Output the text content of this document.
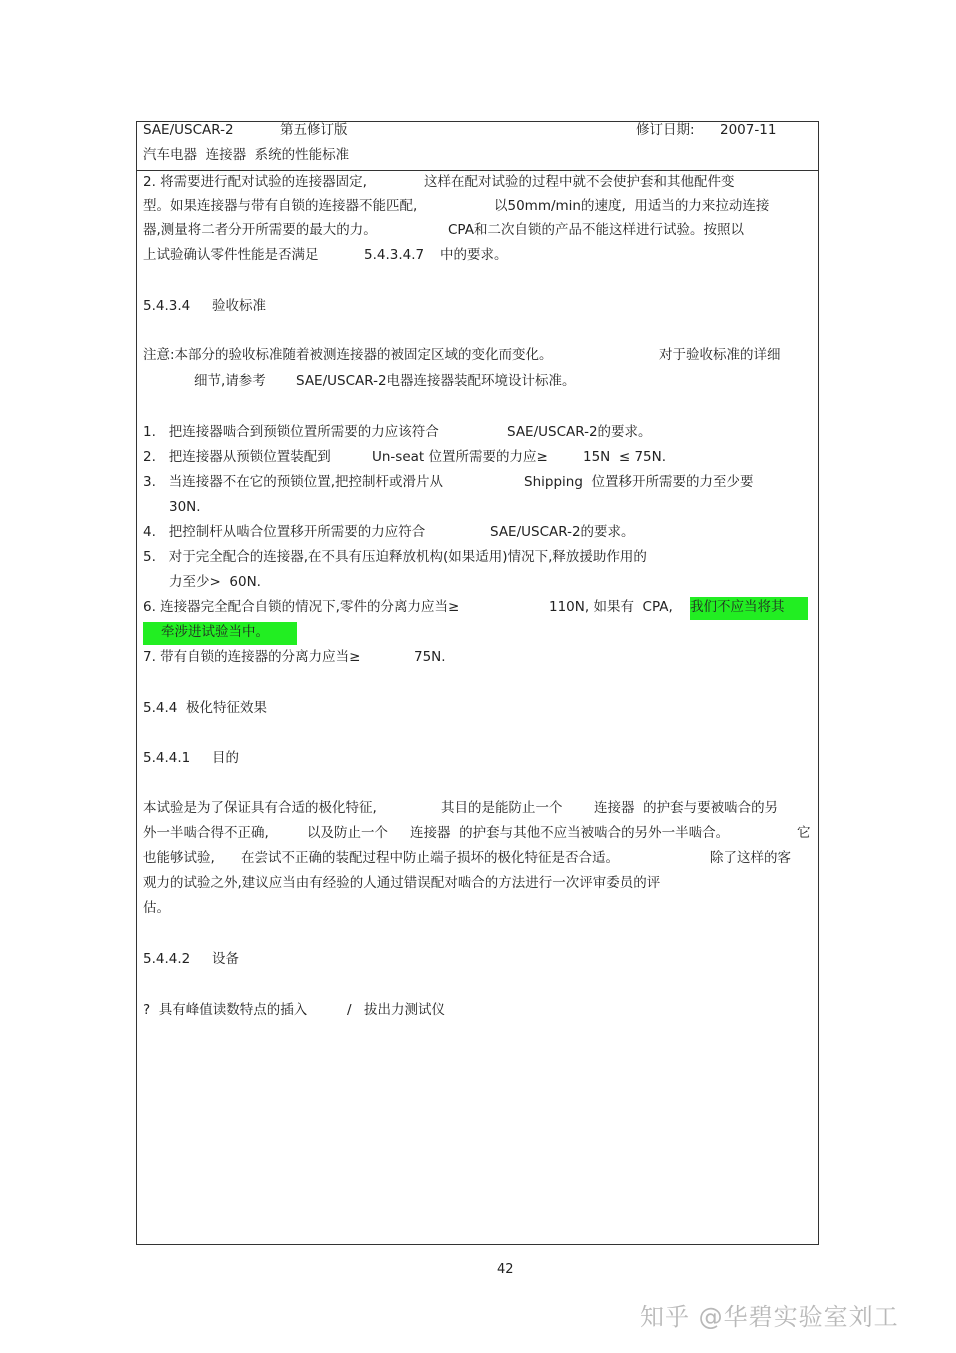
SAE/USCAR-2	第五修订版	修订日期: 2007-11
汽车电器  连接器  系统的性能标准
2. 将需要进行配对试验的连接器固定,	这样在配对试验的过程中就不会使护套和其他配件变
型。如果连接器与带有自锁的连接器不能匹配,	以50mm/min的速度,  用适当的力来拉动连接
器,测量将二者分开所需要的最大的力。	CPA和二次自锁的产品不能这样进行试验。按照以
上试验确认零件性能是否满足	5.4.3.4.7 中的要求。
5.4.3.4 验收标准
注意:本部分的验收标准随着被测连接器的被固定区域的变化而变化。	对于验收标准的详细
细节,请参考 SAE/USCAR-2电器连接器装配环境设计标准。
1.   把连接器啮合到预锁位置所需要的力应该符合	SAE/USCAR-2的要求。
2.   把连接器从预锁位置装配到	Un-seat 位置所需要的力应≥	15N  ≤ 75N.
3.   当连接器不在它的预锁位置,把控制杆或滑片从	Shipping  位置移开所需要的力至少要
30N.
4.   把控制杆从啮合位置移开所需要的力应符合	SAE/USCAR-2的要求。
5.   对于完全配合的连接器,在不具有压迫释放机构(如果适用)情况下,释放援助作用的
力至少>  60N.
6. 连接器完全配合自锁的情况下,零件的分离力应当≥	110N, 如果有  CPA, 我们不应当将其
牵涉进试验当中。
7. 带有自锁的连接器的分离力应当≥	75N.
5.4.4 极化特征效果
5.4.4.1 目的
本试验是为了保证具有合适的极化特征,	其目的是能防止一个 连接器  的护套与要被啮合的另
外一半啮合得不正确,	以及防止一个 连接器  的护套与其他不应当被啮合的另外一半啮合。	它
也能够试验, 在尝试不正确的装配过程中防止端子损坏的极化特征是否合适。	除了这样的客
观力的试验之外,建议应当由有经验的人通过错误配对啮合的方法进行一次评审委员的评
估。
5.4.4.2 设备
?  具有峰值读数特点的插入	/ 拔出力测试仪
42
知乎 @华碧实验室刘工
